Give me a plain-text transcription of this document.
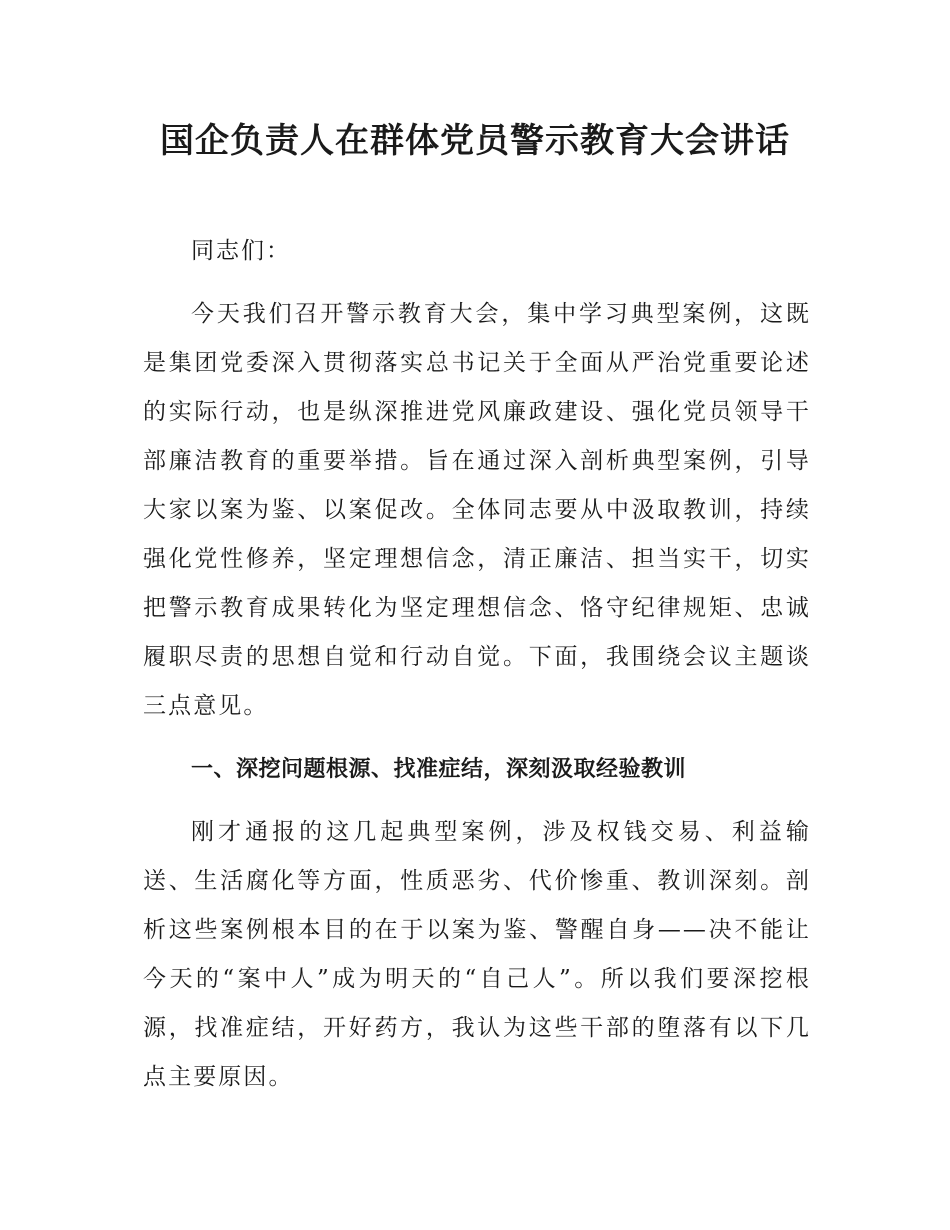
国企负责人在群体党员警示教育大会讲话

同志们：

今天我们召开警示教育大会，集中学习典型案例，这既是集团党委深入贯彻落实总书记关于全面从严治党重要论述的实际行动，也是纵深推进党风廉政建设、强化党员领导干部廉洁教育的重要举措。旨在通过深入剖析典型案例，引导大家以案为鉴、以案促改。全体同志要从中汲取教训，持续强化党性修养，坚定理想信念，清正廉洁、担当实干，切实把警示教育成果转化为坚定理想信念、恪守纪律规矩、忠诚履职尽责的思想自觉和行动自觉。下面，我围绕会议主题谈三点意见。

一、深挖问题根源、找准症结，深刻汲取经验教训

刚才通报的这几起典型案例，涉及权钱交易、利益输送、生活腐化等方面，性质恶劣、代价惨重、教训深刻。剖析这些案例根本目的在于以案为鉴、警醒自身——决不能让今天的“案中人”成为明天的“自己人”。所以我们要深挖根源，找准症结，开好药方，我认为这些干部的堕落有以下几点主要原因。
